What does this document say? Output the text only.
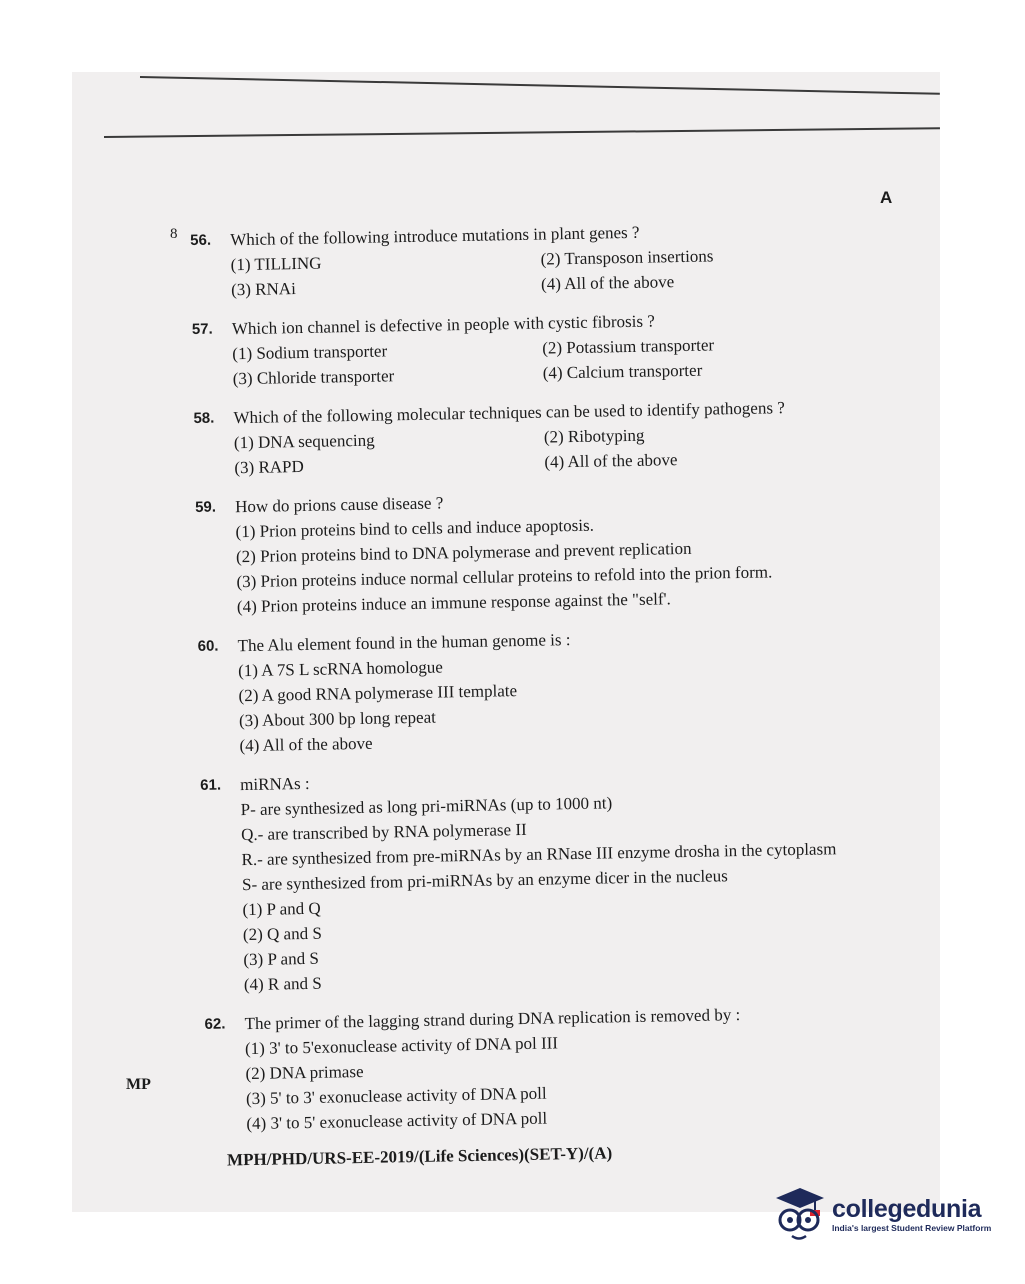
8
A
MP
56.	Which of the following introduce mutations in plant genes ?
(1) TILLING	(2) Transposon insertions
(3) RNAi	(4) All of the above
57.	Which ion channel is defective in people with cystic fibrosis ?
(1) Sodium transporter	(2) Potassium transporter
(3) Chloride transporter	(4) Calcium transporter
58.	Which of the following molecular techniques can be used to identify pathogens ?
(1) DNA sequencing	(2) Ribotyping
(3) RAPD	(4) All of the above
59.	How do prions cause disease ?
(1) Prion proteins bind to cells and induce apoptosis.
(2) Prion proteins bind to DNA polymerase and prevent replication
(3) Prion proteins induce normal cellular proteins to refold into the prion form.
(4) Prion proteins induce an immune response against the "self'.
60.	The Alu element found in the human genome is :
(1) A 7S L scRNA homologue
(2) A good RNA polymerase III template
(3) About 300 bp long repeat
(4) All of the above
61.	miRNAs :
P- are synthesized as long pri-miRNAs (up to 1000 nt)
Q.- are transcribed by RNA polymerase II
R.- are synthesized from pre-miRNAs by an RNase III enzyme drosha in the cytoplasm
S- are synthesized from pri-miRNAs by an enzyme dicer in the nucleus
(1) P and Q
(2) Q and S
(3) P and S
(4) R and S
62.	The primer of the lagging strand during DNA replication is removed by :
(1) 3' to 5'exonuclease activity of DNA pol III
(2) DNA primase
(3) 5' to 3' exonuclease activity of DNA poll
(4) 3' to 5' exonuclease activity of DNA poll
MPH/PHD/URS-EE-2019/(Life Sciences)(SET-Y)/(A)
collegedunia
India's largest Student Review Platform
